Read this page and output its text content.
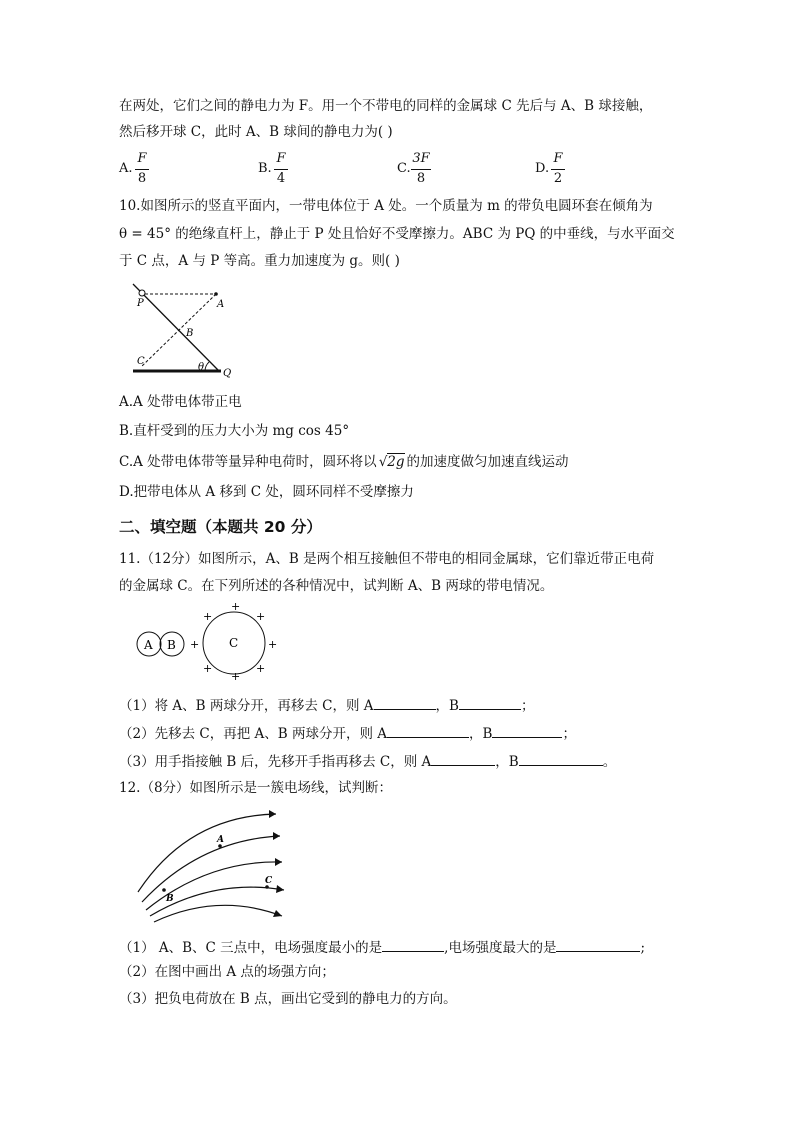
在两处，它们之间的静电力为 F。用一个不带电的同样的金属球 C 先后与 A、B 球接触，
然后移开球 C，此时 A、B 球间的静电力为( )
A.
F
8
B.
F
4
C.
3F
8
D.
F
2
10.如图所示的竖直平面内，一带电体位于 A 处。一个质量为 m 的带负电圆环套在倾角为
θ = 45° 的绝缘直杆上，静止于 P 处且恰好不受摩擦力。ABC 为 PQ 的中垂线，与水平面交
于 C 点，A 与 P 等高。重力加速度为 g。则( )
P	A
B
C
θ
Q
A.A 处带电体带正电
B.直杆受到的压力大小为 mg cos 45°
C.A 处带电体带等量异种电荷时，圆环将以 √2g 的加速度做匀加速直线运动
D.把带电体从 A 移到 C 处，圆环同样不受摩擦力
二、填空题（本题共 20 分）
11.（12分）如图所示，A、B 是两个相互接触但不带电的相同金属球，它们靠近带正电荷
的金属球 C。在下列所述的各种情况中，试判断 A、B 两球的带电情况。
A B	C
+
+
+
+
+
+
+
+
（1）将 A、B 两球分开，再移去 C，则 A	，B	；
（2）先移去 C，再把 A、B 两球分开，则 A	，B	；
（3）用手指接触 B 后，先移开手指再移去 C，则 A	，B	。
12.（8分）如图所示是一簇电场线，试判断：
A
B
C
（1） A、B、C 三点中，电场强度最小的是	,电场强度最大的是	;
（2）在图中画出 A 点的场强方向；
（3）把负电荷放在 B 点，画出它受到的静电力的方向。
